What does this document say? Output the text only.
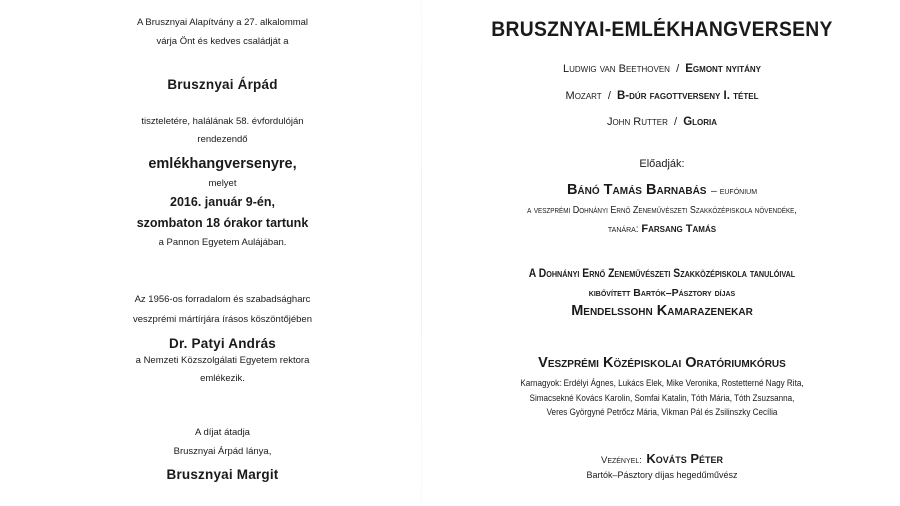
A Brusznyai Alapítvány a 27. alkalommal
várja Önt és kedves családját a
Brusznyai Árpád
tiszteletére, halálának 58. évfordulóján
rendezendő
emlékhangversenyre,
melyet
2016. január 9-én,
szombaton 18 órakor tartunk
a Pannon Egyetem Aulájában.
Az 1956-os forradalom és szabadságharc
veszprémi mártírjára írásos köszöntőjében
Dr. Patyi András
a Nemzeti Közszolgálati Egyetem rektora
emlékezik.
A díjat átadja
Brusznyai Árpád lánya,
Brusznyai Margit
BRUSZNYAI-EMLÉKHANGVERSENY
Ludwig van Beethoven / Egmont nyitány
Mozart / B-dúr fagottverseny I. tétel
John Rutter / Gloria
Előadják:
Bánó Tamás Barnabás – eufónium
a veszprémi Dohnányi Ernő Zeneművészeti Szakközépiskola növendéke,
tanára: Farsang Tamás
A Dohnányi Ernő Zeneművészeti Szakközépiskola tanulóival
kibővített Bartók–Pásztory díjas
Mendelssohn Kamarazenekar
Veszprémi Középiskolai Oratóriumkórus
Karnagyok: Erdélyi Ágnes, Lukács Elek, Mike Veronika, Rostetterné Nagy Rita,
Simacsekné Kovács Karolin, Somfai Katalin, Tóth Mária, Tóth Zsuzsanna,
Veres Györgyné Petrőcz Mária, Vikman Pál és Zsilinszky Cecília
Vezényel: Kováts Péter
Bartók–Pásztory díjas hegedűművész
